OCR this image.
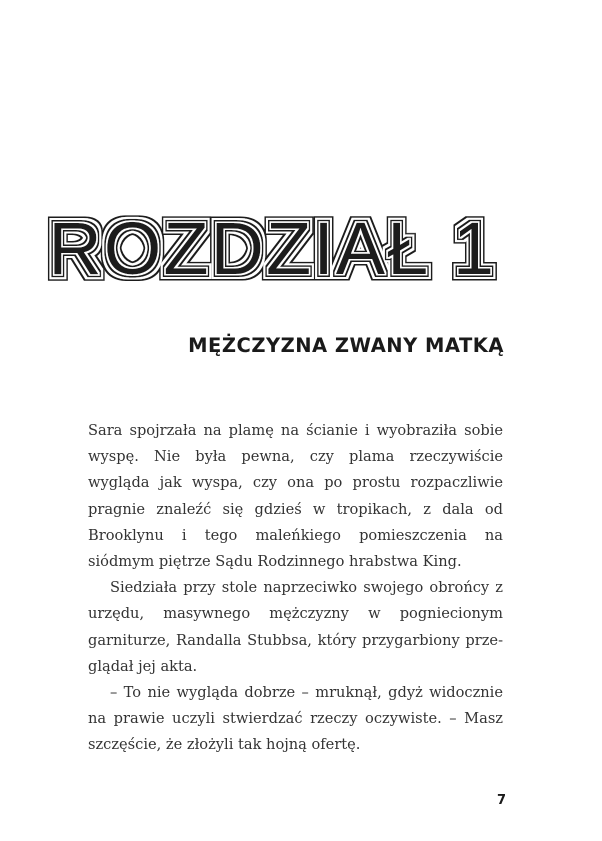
ROZDZIAŁ 1
MĘŻCZYZNA ZWANY MATKĄ

Sara spojrzała na plamę na ścianie i wyobraziła sobie wyspę. Nie była pewna, czy plama rzeczywiście wygląda jak wyspa, czy ona po prostu rozpaczliwie pragnie znaleźć się gdzieś w tropikach, z dala od Brooklynu i tego maleńkiego pomieszczenia na siódmym piętrze Sądu Rodzinnego hrabstwa King.

Siedziała przy stole naprzeciwko swojego obrońcy z urzędu, masywnego mężczyzny w pogniecionym garniturze, Randalla Stubbsa, który przygarbiony przeglądał jej akta.

– To nie wygląda dobrze – mruknął, gdyż widocznie na prawie uczyli stwierdzać rzeczy oczywiste. – Masz szczęście, że złożyli tak hojną ofertę.

7
